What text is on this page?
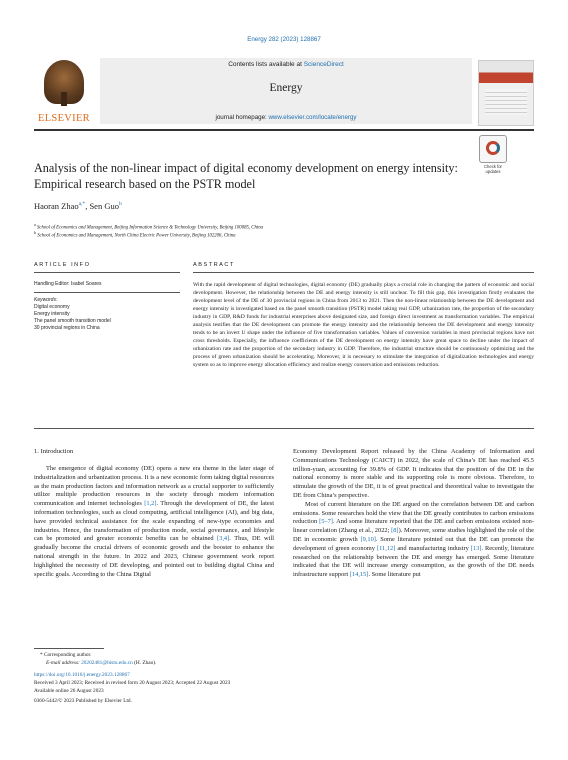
Energy 282 (2023) 128867
ELSEVIER
Contents lists available at ScienceDirect
Energy
journal homepage: www.elsevier.com/locate/energy
Check for updates
Analysis of the non-linear impact of digital economy development on energy intensity: Empirical research based on the PSTR model
Haoran Zhao$^{a,*}$, Sen Guo$^b$
$^a$ School of Economics and Management, Beijing Information Science & Technology University, Beijing 100085, China
$^b$ School of Economics and Management, North China Electric Power University, Beijing 102206, China
ARTICLE INFO	ABSTRACT
Handling Editor: Isabel Soares
Keywords:
Digital economy
Energy intensity
The panel smooth transition model
30 provincial regions in China
With the rapid development of digital technologies, digital economy (DE) gradually plays a crucial role in changing the pattern of economic and social development. However, the relationship between the DE and energy intensity is still unclear. To fill this gap, this investigation firstly evaluates the development level of the DE of 30 provincial regions in China from 2013 to 2021. Then the non-linear relationship between the DE development and energy intensity is investigated based on the panel smooth transition (PSTR) model taking real GDP, urbanization rate, the proportion of the secondary industry in GDP, R&D funds for industrial enterprises above designated size, and foreign direct investment as transformation variables. The empirical analysis testifies that the DE development can promote the energy intensity and the relationship between the DE development and energy intensity tends to be an invert U shape under the influence of five transformation variables. Values of conversion variables in most provincial regions have not cross thresholds. Especially, the influence coefficients of the DE development on energy intensity have great space to decline under the impact of urbanization rate and the proportion of the secondary industry in GDP. Therefore, the industrial structure should be continuously optimizing and the process of green urbanization should be accelerating. Moreover, it is necessary to stimulate the integration of digitalization technologies and energy system so as to improve energy allocation efficiency and realize energy conservation and emissions reduction.
1. Introduction

The emergence of digital economy (DE) opens a new era theme in the later stage of industrialization and urbanization process. It is a new economic form taking digital resources as the main production factors and information network as a crucial supporter to sufficiently utilize multiple production resources in the society through modern information communication and internet technologies [1,2]. Through the development of DE, the latest information technologies, such as cloud computing, artificial intelligence (AI), and big data, have provided technical assistance for the scale expanding of new-type economies and industries. Hence, the transformation of production mode, social governance, and lifestyle can be promoted and greater economic benefits can be obtained [3,4]. Thus, DE will gradually become the crucial drivers of economic growth and the booster to enhance the national strength in the future. In 2022 and 2023, Chinese government work report highlighted the necessity of DE developing, and pointed out to building digital China and specific goals. According to the China Digital

Economy Development Report released by the China Academy of Information and Communications Technology (CAICT) in 2022, the scale of China’s DE has reached 45.5 trillion-yuan, accounting for 39.8% of GDP. It indicates that the position of the DE in the national economy is more stable and its supporting role is more obvious. Therefore, to stimulate the growth of the DE, it is of great practical and theoretical value to investigate the DE from China’s perspective.

Most of current literature on the DE argued on the correlation between DE and carbon emissions. Some researches hold the view that the DE greatly contributes to carbon emissions reduction [5–7]. And some literature reported that the DE and carbon emissions existed non-linear correlation (Zhang et al., 2022; [8]). Moreover, some studies highlighted the role of the DE in economic growth [9,10]. Some literature pointed out that the DE can promote the development of green economy [11,12] and manufacturing industry [13]. Recently, literature researched on the relationship between the DE and energy has emerged. Some literature indicated that the DE will increase energy consumption, as the growth of the DE needs infrastructure support [14,15]. Some literature put

* Corresponding author.
E-mail address: 20202481@bistu.edu.cn (H. Zhao).
https://doi.org/10.1016/j.energy.2023.128867
Received 3 April 2023; Received in revised form 20 August 2023; Accepted 22 August 2023
Available online 26 August 2023
0360-5442/© 2023 Published by Elsevier Ltd.
